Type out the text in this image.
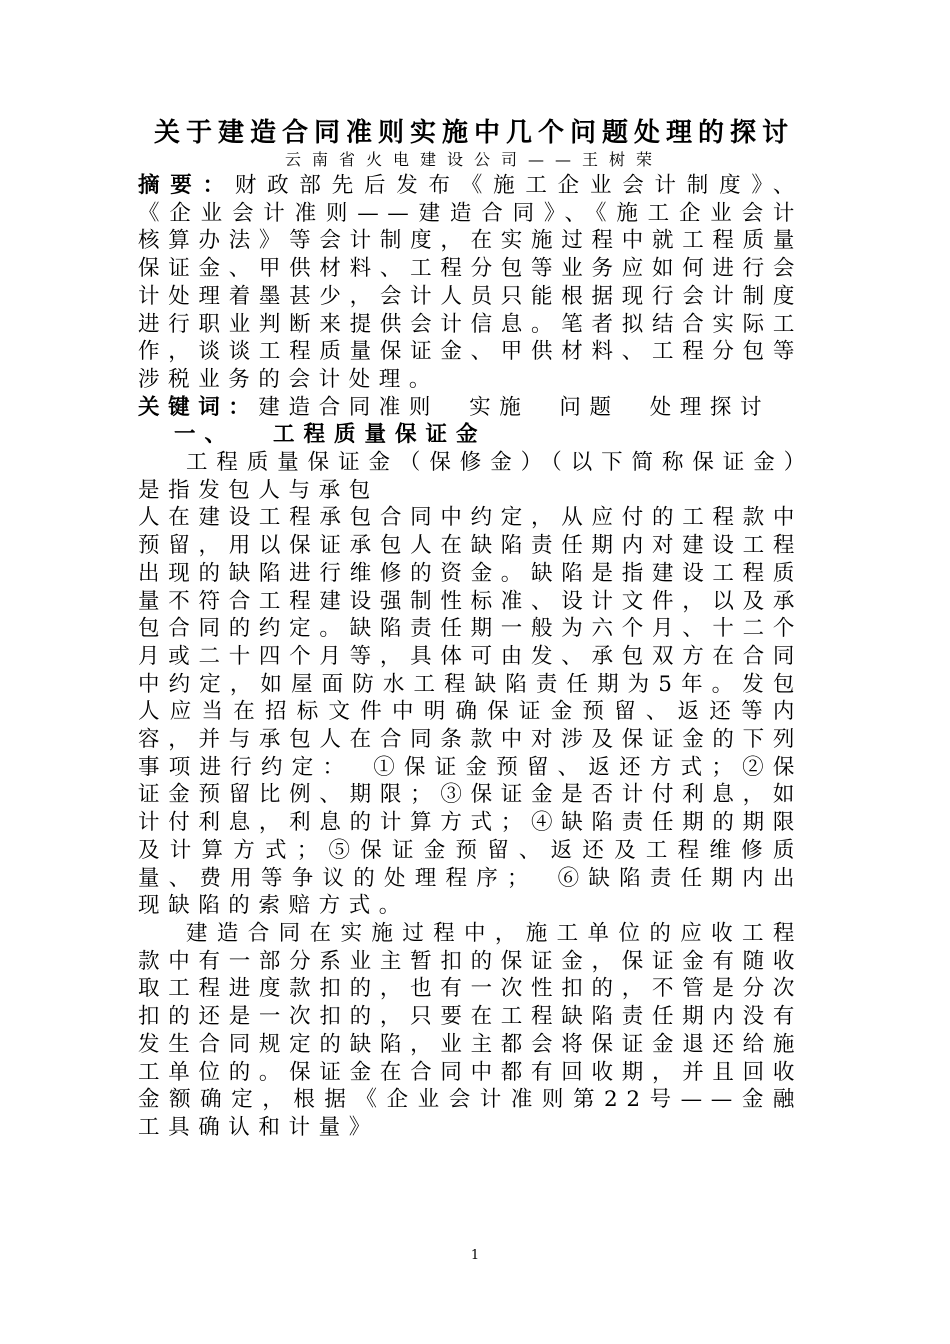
关于建造合同准则实施中几个问题处理的探讨
云南省火电建设公司——王树荣

摘要：财政部先后发布《施工企业会计制度》、《企业会计准则——建造合同》、《施工企业会计核算办法》等会计制度，在实施过程中就工程质量保证金、甲供材料、工程分包等业务应如何进行会计处理着墨甚少，会计人员只能根据现行会计制度进行职业判断来提供会计信息。笔者拟结合实际工作，谈谈工程质量保证金、甲供材料、工程分包等涉税业务的会计处理。

关键词：建造合同准则　实施　问题　处理探讨

一、 工程质量保证金

工程质量保证金（保修金）（以下简称保证金）是指发包人与承包

人在建设工程承包合同中约定，从应付的工程款中预留，用以保证承包人在缺陷责任期内对建设工程出现的缺陷进行维修的资金。缺陷是指建设工程质量不符合工程建设强制性标准、设计文件，以及承包合同的约定。缺陷责任期一般为六个月、十二个月或二十四个月等，具体可由发、承包双方在合同中约定，如屋面防水工程缺陷责任期为5年。发包人应当在招标文件中明确保证金预留、返还等内容，并与承包人在合同条款中对涉及保证金的下列事项进行约定：　①保证金预留、返还方式；②保证金预留比例、期限；③保证金是否计付利息，如计付利息，利息的计算方式；④缺陷责任期的期限及计算方式；⑤保证金预留、返还及工程维修质量、费用等争议的处理程序；　⑥缺陷责任期内出现缺陷的索赔方式。

建造合同在实施过程中，施工单位的应收工程款中有一部分系业主暂扣的保证金，保证金有随收取工程进度款扣的，也有一次性扣的，不管是分次扣的还是一次扣的，只要在工程缺陷责任期内没有发生合同规定的缺陷，业主都会将保证金退还给施工单位的。保证金在合同中都有回收期，并且回收金额确定，根据《企业会计准则第22号——金融工具确认和计量》

1
